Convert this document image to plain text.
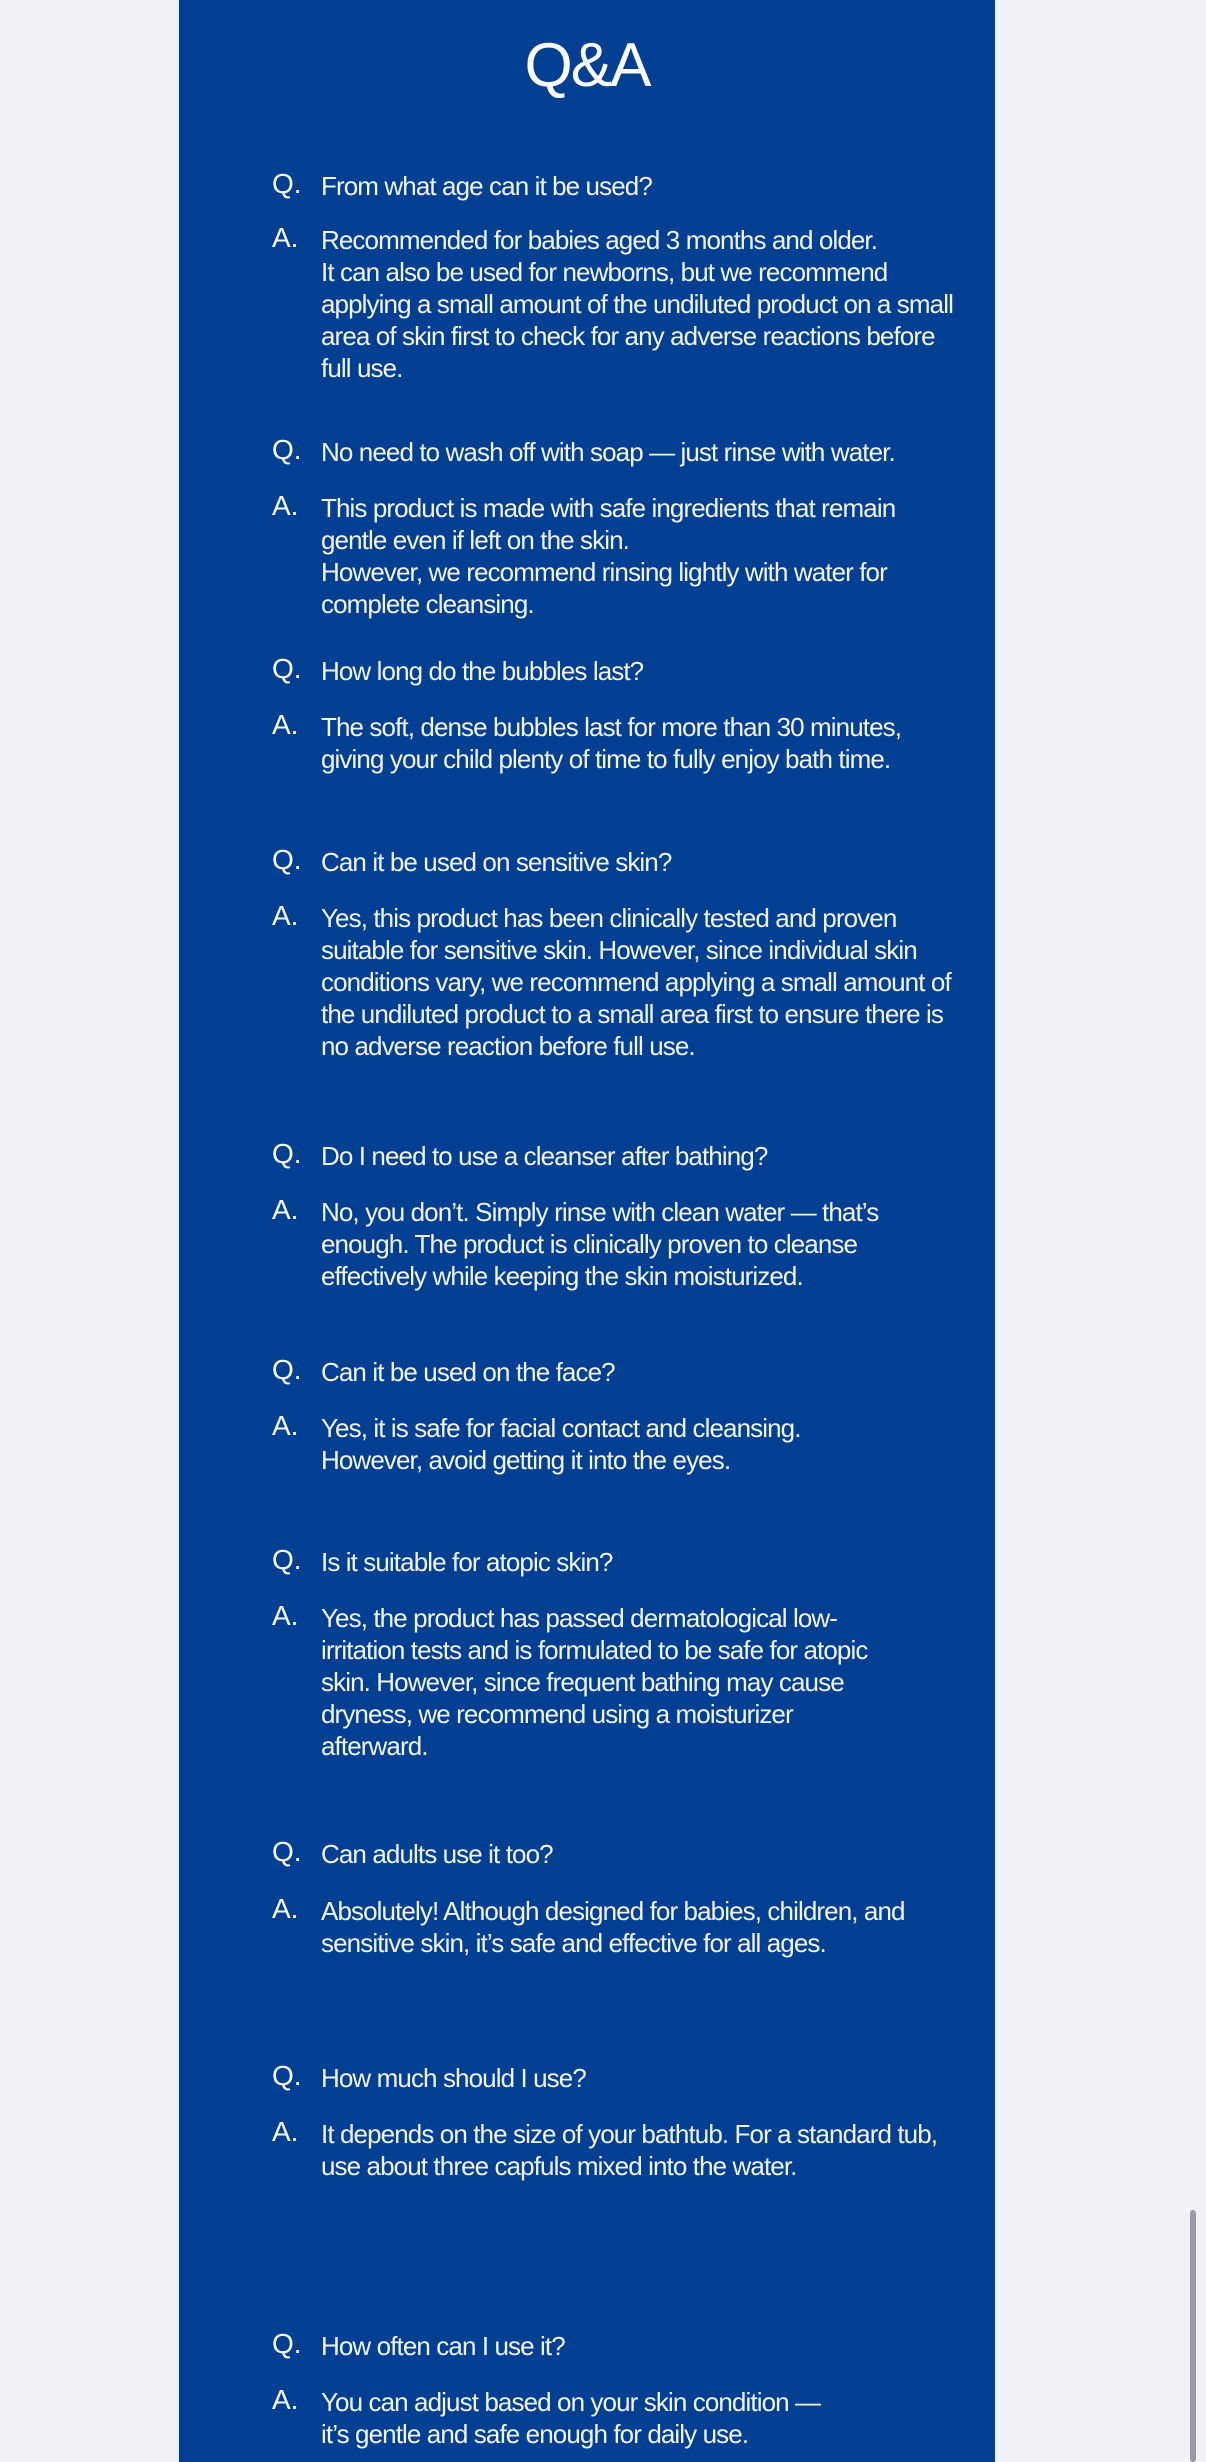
Q&A
Q. From what age can it be used?
A. Recommended for babies aged 3 months and older.
It can also be used for newborns, but we recommend applying a small amount of the undiluted product on a small area of skin first to check for any adverse reactions before full use.
Q. No need to wash off with soap — just rinse with water.
A. This product is made with safe ingredients that remain gentle even if left on the skin.
However, we recommend rinsing lightly with water for complete cleansing.
Q. How long do the bubbles last?
A. The soft, dense bubbles last for more than 30 minutes, giving your child plenty of time to fully enjoy bath time.
Q. Can it be used on sensitive skin?
A. Yes, this product has been clinically tested and proven suitable for sensitive skin. However, since individual skin conditions vary, we recommend applying a small amount of the undiluted product to a small area first to ensure there is no adverse reaction before full use.
Q. Do I need to use a cleanser after bathing?
A. No, you don’t. Simply rinse with clean water — that’s enough. The product is clinically proven to cleanse effectively while keeping the skin moisturized.
Q. Can it be used on the face?
A. Yes, it is safe for facial contact and cleansing.
However, avoid getting it into the eyes.
Q. Is it suitable for atopic skin?
A. Yes, the product has passed dermatological low-irritation tests and is formulated to be safe for atopic skin. However, since frequent bathing may cause dryness, we recommend using a moisturizer afterward.
Q. Can adults use it too?
A. Absolutely! Although designed for babies, children, and sensitive skin, it’s safe and effective for all ages.
Q. How much should I use?
A. It depends on the size of your bathtub. For a standard tub, use about three capfuls mixed into the water.
Q. How often can I use it?
A. You can adjust based on your skin condition —
it’s gentle and safe enough for daily use.
